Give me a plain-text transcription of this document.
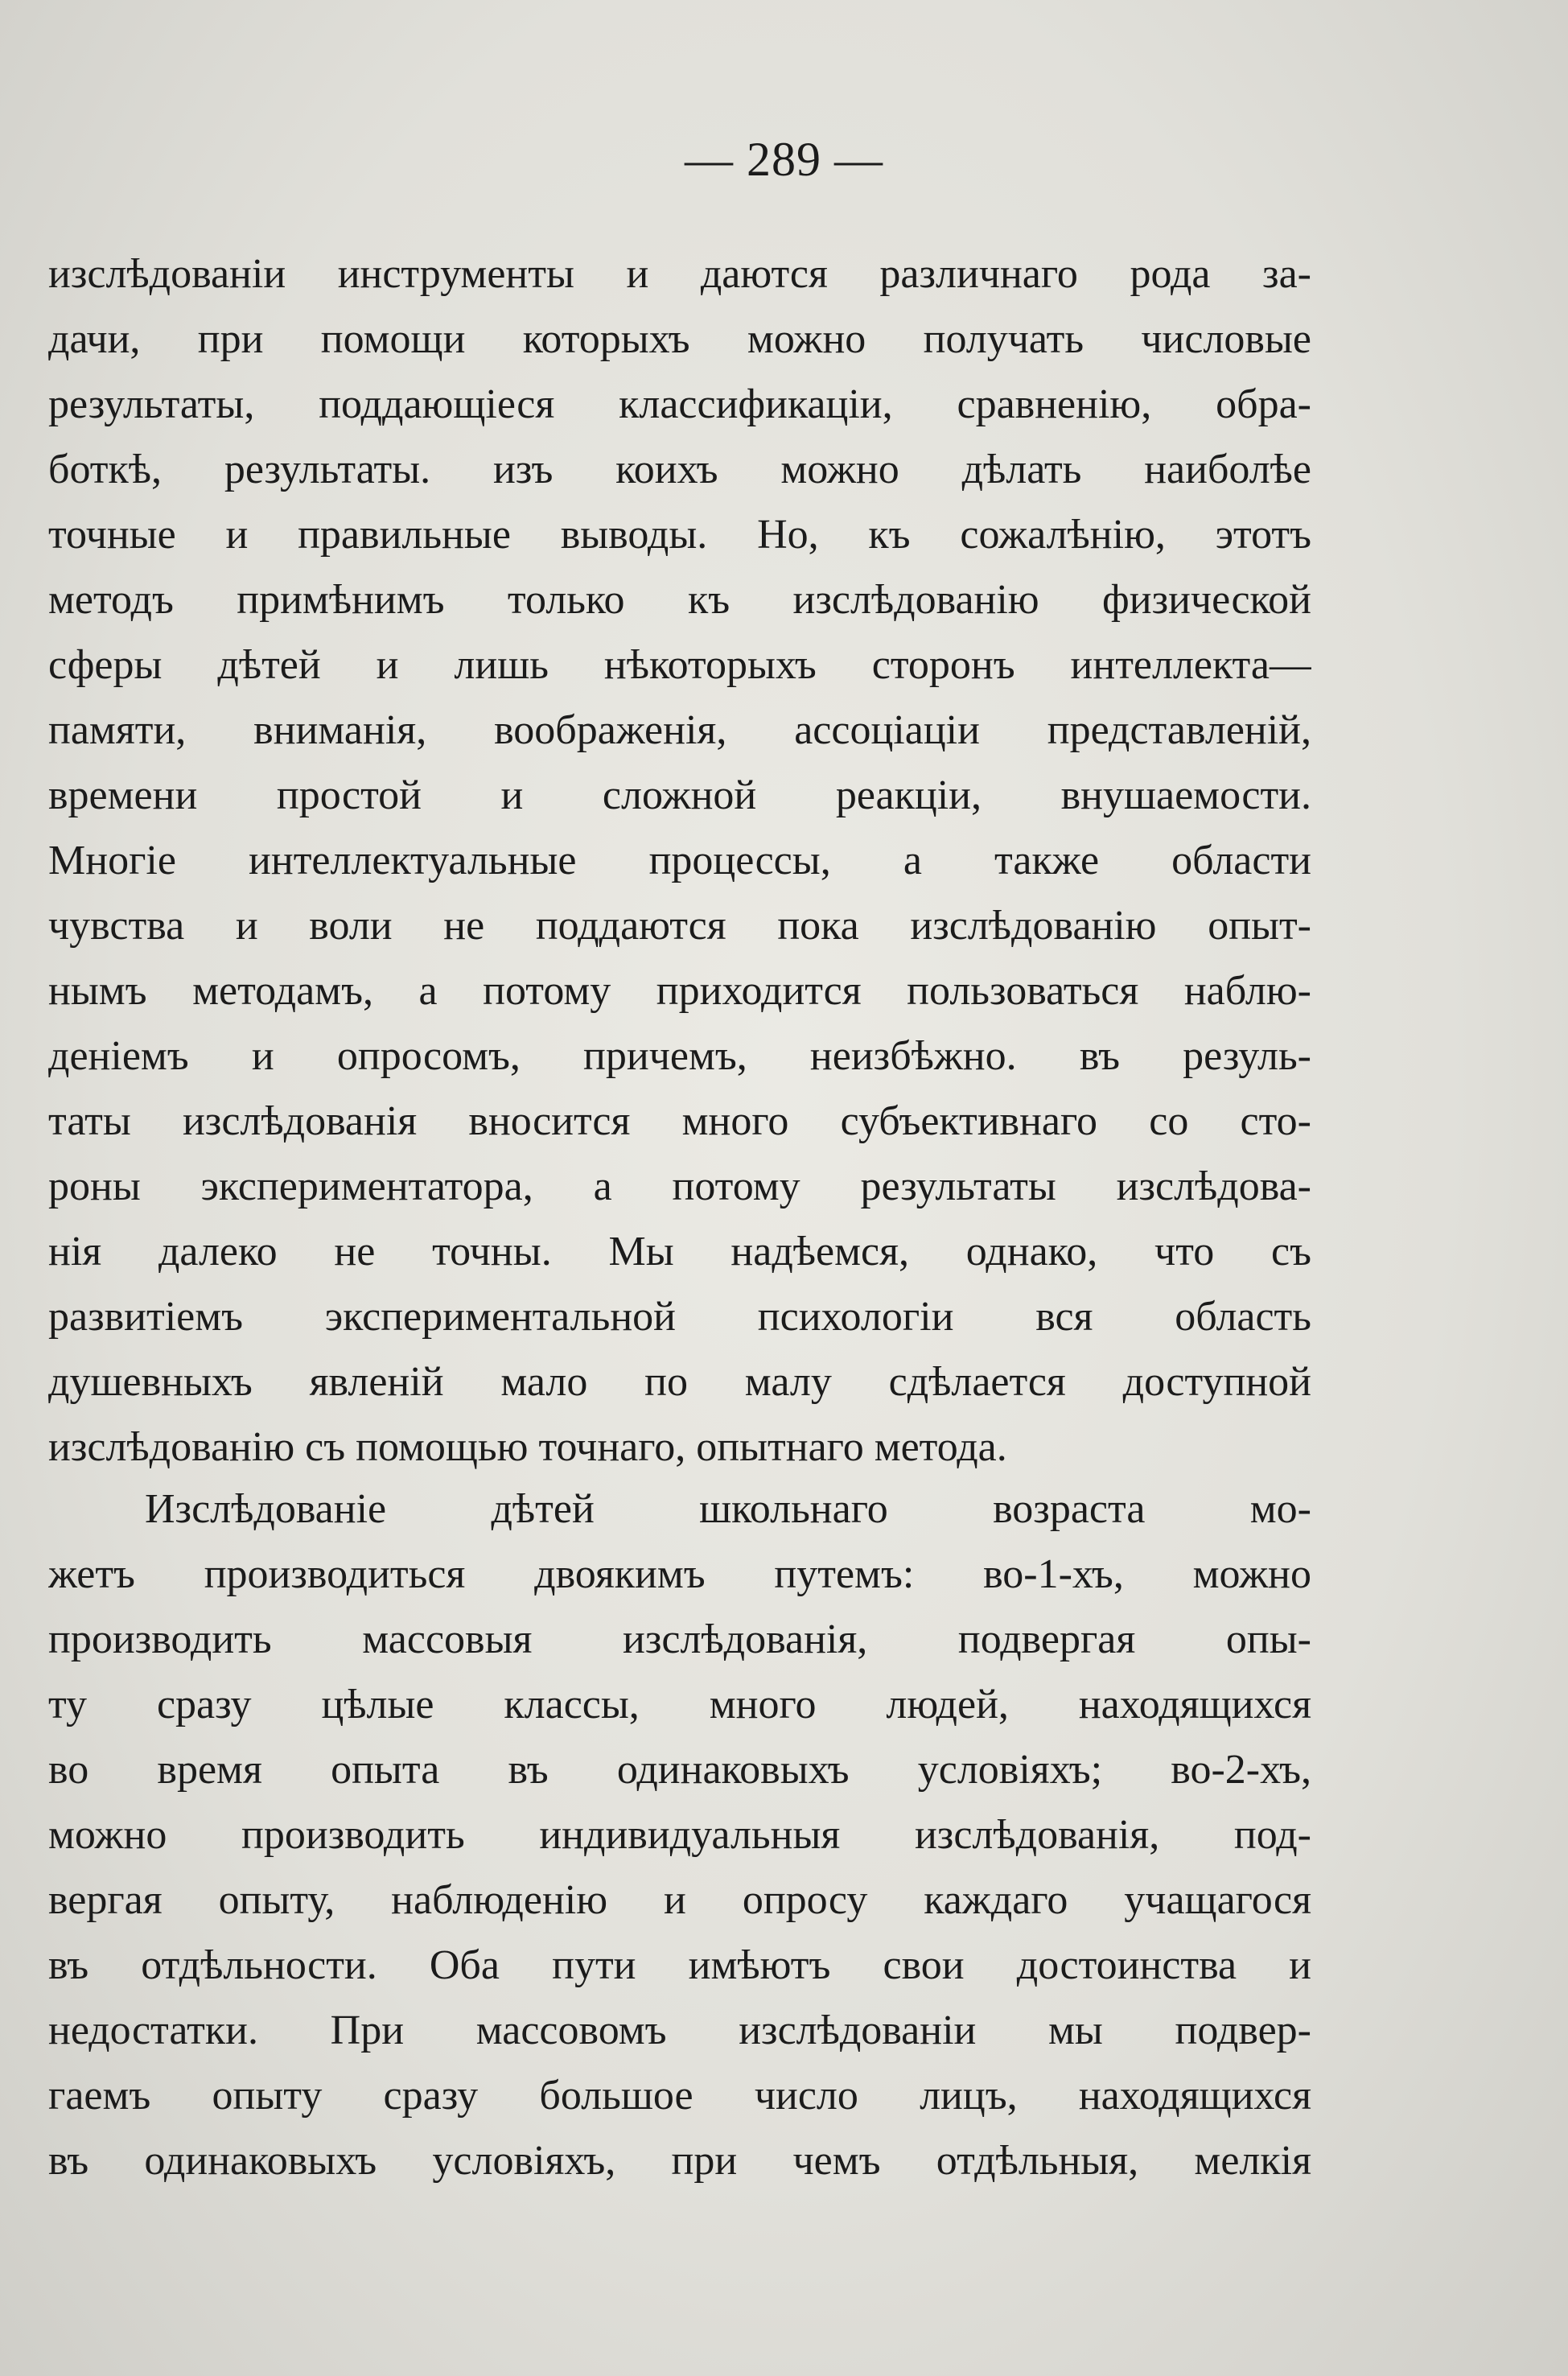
— 289 —
изслѣдованіи инструменты и даются различнаго рода за-
дачи, при помощи которыхъ можно получать числовые
результаты, поддающіеся классификаціи, сравненію, обра-
боткѣ, результаты. изъ коихъ можно дѣлать наиболѣе
точные и правильные выводы. Но, къ сожалѣнію, этотъ
методъ примѣнимъ только къ изслѣдованію физической
сферы дѣтей и лишь нѣкоторыхъ сторонъ интеллекта—
памяти, вниманія, воображенія, ассоціаціи представленій,
времени простой и сложной реакціи, внушаемости.
Многіе интеллектуальные процессы, а также области
чувства и воли не поддаются пока изслѣдованію опыт-
нымъ методамъ, а потому приходится пользоваться наблю-
деніемъ и опросомъ, причемъ, неизбѣжно. въ резуль-
таты изслѣдованія вносится много субъективнаго со сто-
роны экспериментатора, а потому результаты изслѣдова-
нія далеко не точны. Мы надѣемся, однако, что съ
развитіемъ экспериментальной психологіи вся область
душевныхъ явленій мало по малу сдѣлается доступной
изслѣдованію съ помощью точнаго, опытнаго метода.
Изслѣдованіе дѣтей школьнаго возраста мо-
жетъ производиться двоякимъ путемъ: во-1-хъ, можно
производить массовыя изслѣдованія, подвергая опы-
ту сразу цѣлые классы, много людей, находящихся
во время опыта въ одинаковыхъ условіяхъ; во-2-хъ,
можно производить индивидуальныя изслѣдованія, под-
вергая опыту, наблюденію и опросу каждаго учащагося
въ отдѣльности. Оба пути имѣютъ свои достоинства и
недостатки. При массовомъ изслѣдованіи мы подвер-
гаемъ опыту сразу большое число лицъ, находящихся
въ одинаковыхъ условіяхъ, при чемъ отдѣльныя, мелкія
